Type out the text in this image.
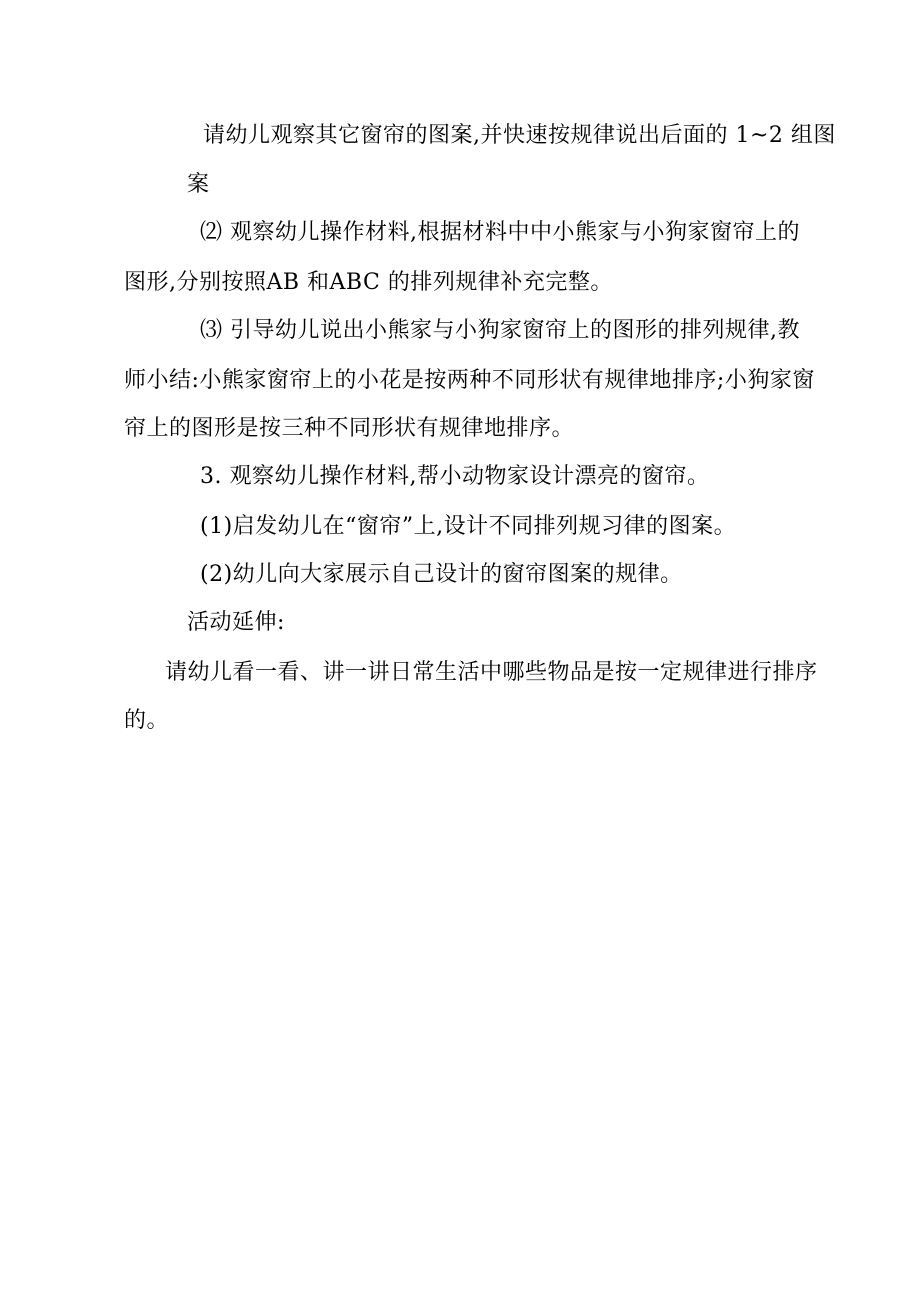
请幼儿观察其它窗帘的图案,并快速按规律说出后面的 1~2 组图
案
⑵ 观察幼儿操作材料,根据材料中中小熊家与小狗家窗帘上的
图形,分别按照AB 和ABC 的排列规律补充完整。
⑶ 引导幼儿说出小熊家与小狗家窗帘上的图形的排列规律,教
师小结:小熊家窗帘上的小花是按两种不同形状有规律地排序;小狗家窗
帘上的图形是按三种不同形状有规律地排序。
3. 观察幼儿操作材料,帮小动物家设计漂亮的窗帘。
(1)启发幼儿在“窗帘”上,设计不同排列规习律的图案。
(2)幼儿向大家展示自己设计的窗帘图案的规律。
活动延伸:
请幼儿看一看、讲一讲日常生活中哪些物品是按一定规律进行排序
的。
